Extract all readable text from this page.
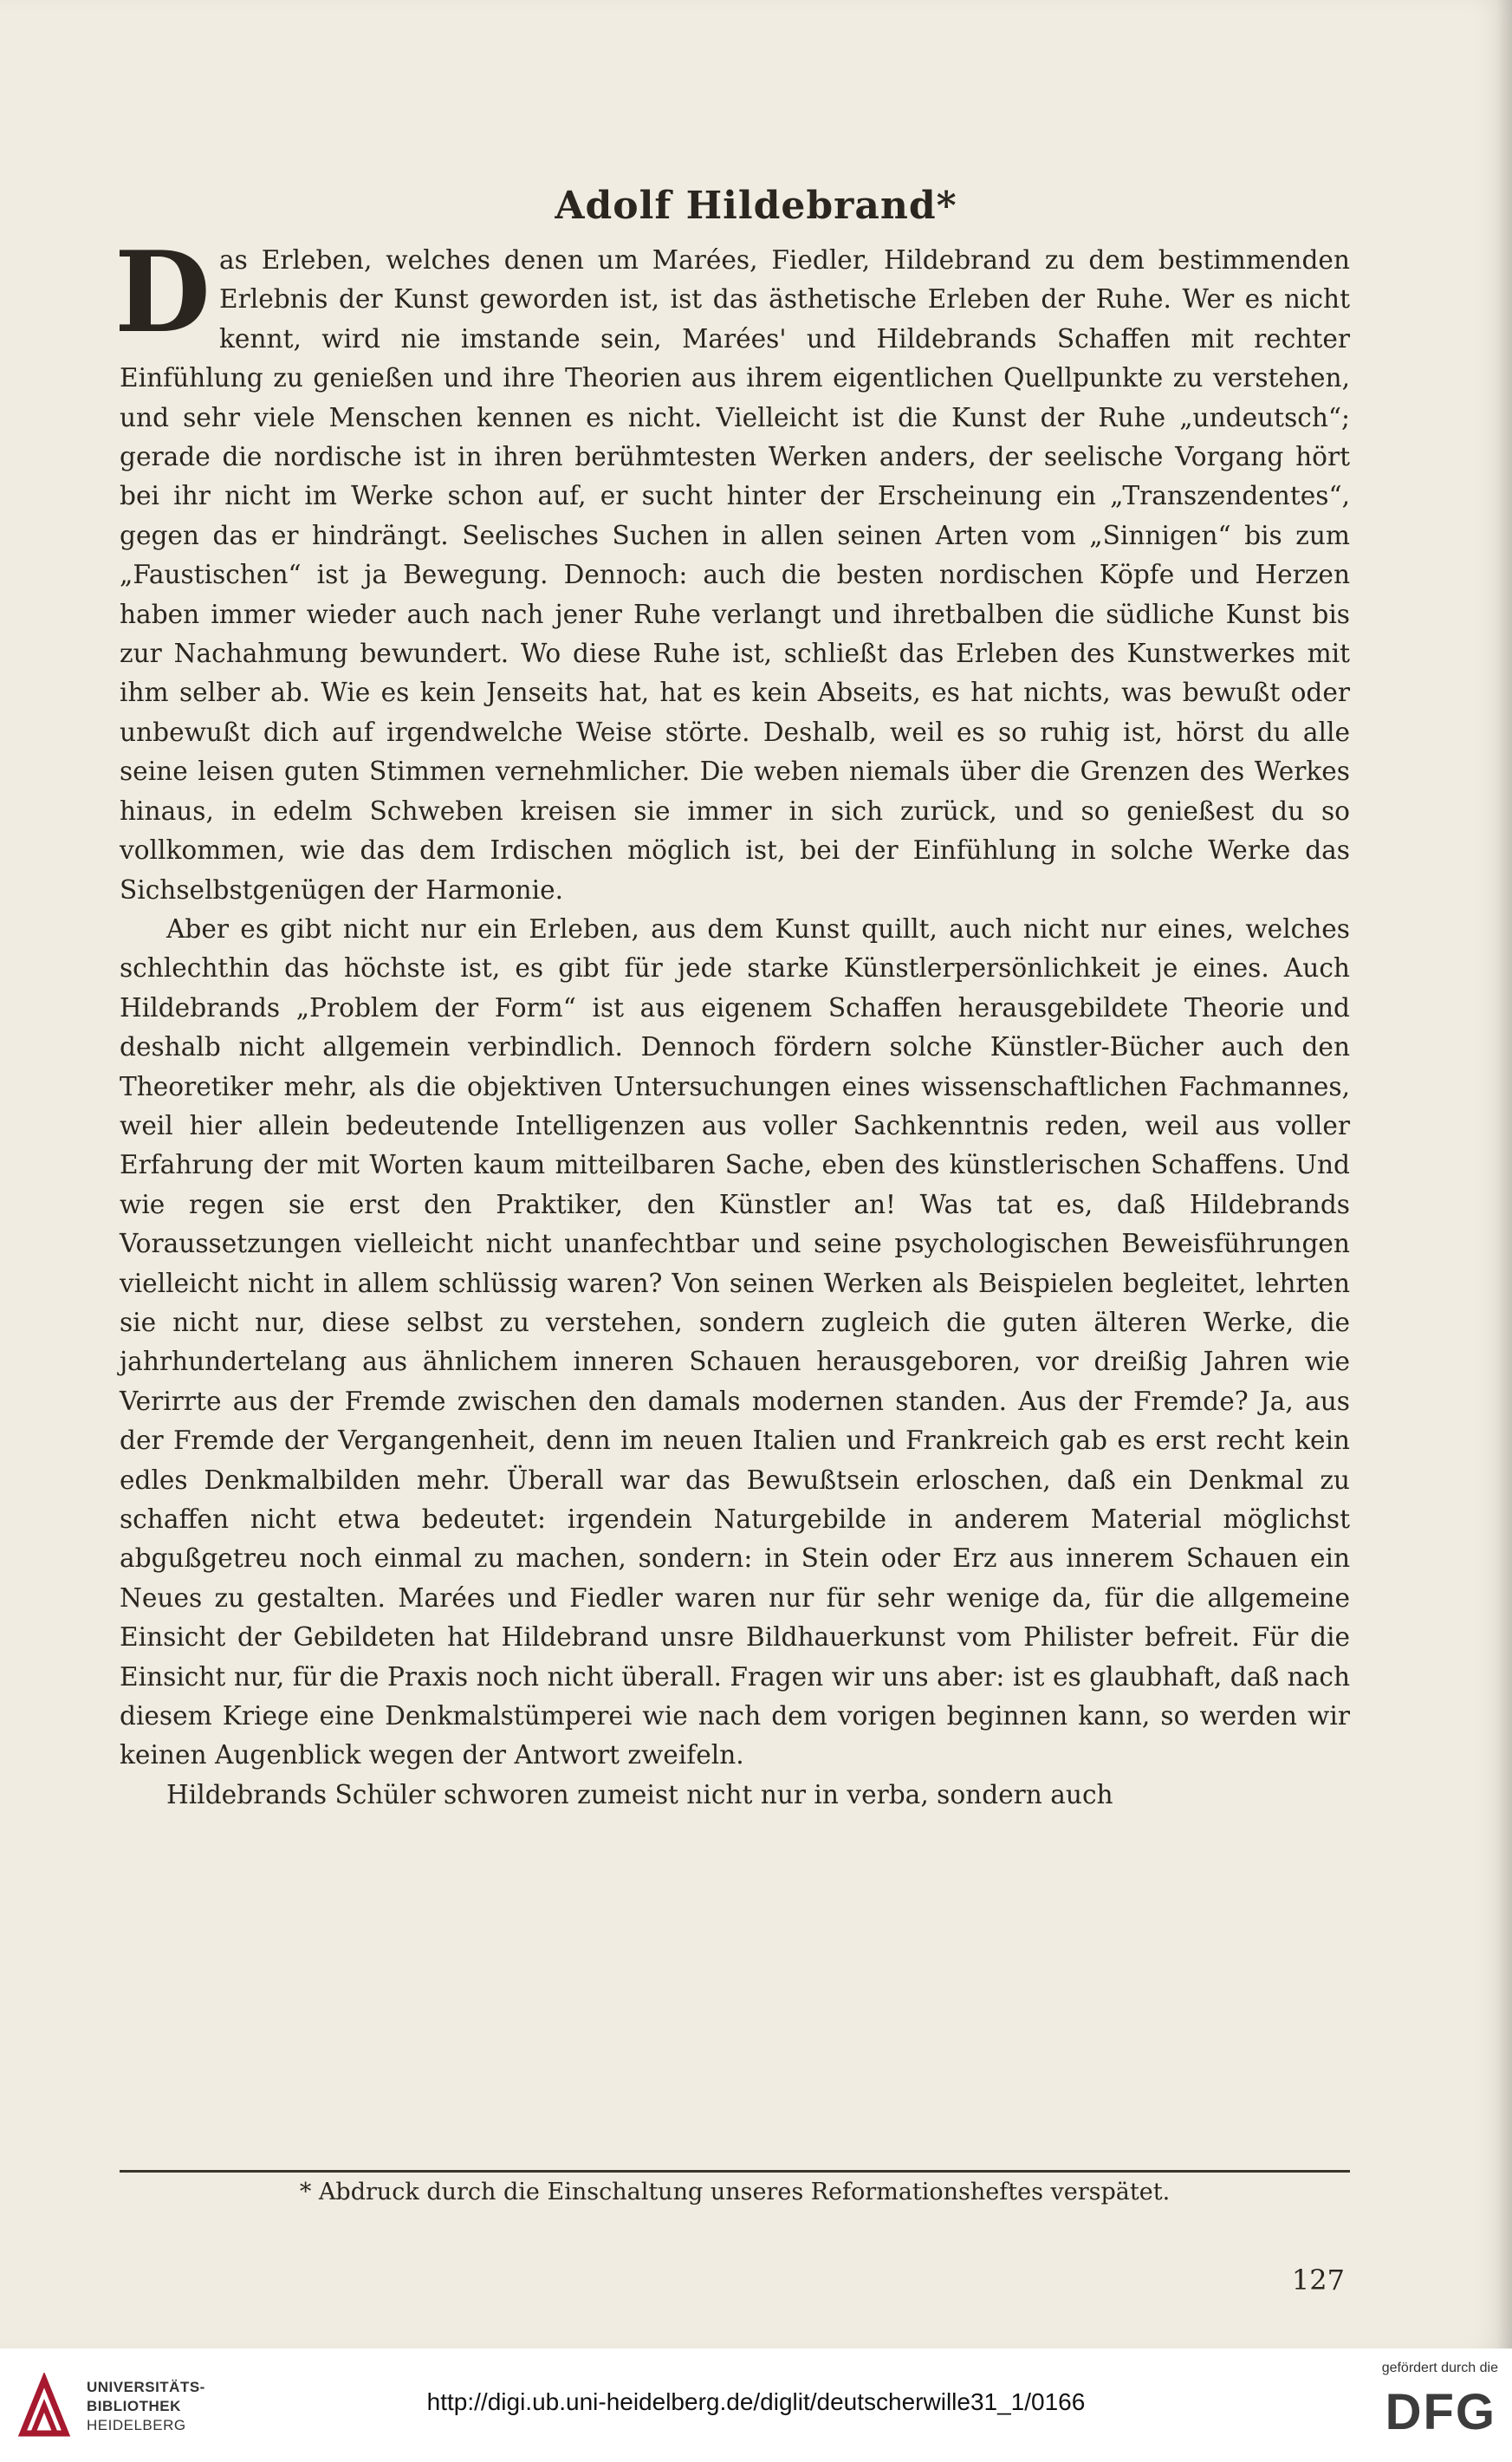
Adolf Hildebrand*

Das Erleben, welches denen um Marées, Fiedler, Hildebrand zu dem bestimmenden Erlebnis der Kunst geworden ist, ist das ästhetische Erleben der Ruhe. Wer es nicht kennt, wird nie imstande sein, Marées' und Hildebrands Schaffen mit rechter Einfühlung zu genießen und ihre Theorien aus ihrem eigentlichen Quellpunkte zu verstehen, und sehr viele Menschen kennen es nicht. Vielleicht ist die Kunst der Ruhe „undeutsch“; gerade die nordische ist in ihren berühmtesten Werken anders, der seelische Vorgang hört bei ihr nicht im Werke schon auf, er sucht hinter der Erscheinung ein „Transzendentes“, gegen das er hindrängt. Seelisches Suchen in allen seinen Arten vom „Sinnigen“ bis zum „Faustischen“ ist ja Bewegung. Dennoch: auch die besten nordischen Köpfe und Herzen haben immer wieder auch nach jener Ruhe verlangt und ihretbalben die südliche Kunst bis zur Nachahmung bewundert. Wo diese Ruhe ist, schließt das Erleben des Kunstwerkes mit ihm selber ab. Wie es kein Jenseits hat, hat es kein Abseits, es hat nichts, was bewußt oder unbewußt dich auf irgendwelche Weise störte. Deshalb, weil es so ruhig ist, hörst du alle seine leisen guten Stimmen vernehmlicher. Die weben niemals über die Grenzen des Werkes hinaus, in edelm Schweben kreisen sie immer in sich zurück, und so genießest du so vollkommen, wie das dem Irdischen möglich ist, bei der Einfühlung in solche Werke das Sichselbstgenügen der Harmonie.

Aber es gibt nicht nur ein Erleben, aus dem Kunst quillt, auch nicht nur eines, welches schlechthin das höchste ist, es gibt für jede starke Künstlerpersönlichkeit je eines. Auch Hildebrands „Problem der Form“ ist aus eigenem Schaffen herausgebildete Theorie und deshalb nicht allgemein verbindlich. Dennoch fördern solche Künstler-Bücher auch den Theoretiker mehr, als die objektiven Untersuchungen eines wissenschaftlichen Fachmannes, weil hier allein bedeutende Intelligenzen aus voller Sachkenntnis reden, weil aus voller Erfahrung der mit Worten kaum mitteilbaren Sache, eben des künstlerischen Schaffens. Und wie regen sie erst den Praktiker, den Künstler an! Was tat es, daß Hildebrands Voraussetzungen vielleicht nicht unanfechtbar und seine psychologischen Beweisführungen vielleicht nicht in allem schlüssig waren? Von seinen Werken als Beispielen begleitet, lehrten sie nicht nur, diese selbst zu verstehen, sondern zugleich die guten älteren Werke, die jahrhundertelang aus ähnlichem inneren Schauen herausgeboren, vor dreißig Jahren wie Verirrte aus der Fremde zwischen den damals modernen standen. Aus der Fremde? Ja, aus der Fremde der Vergangenheit, denn im neuen Italien und Frankreich gab es erst recht kein edles Denkmalbilden mehr. Überall war das Bewußtsein erloschen, daß ein Denkmal zu schaffen nicht etwa bedeutet: irgendein Naturgebilde in anderem Material möglichst abgußgetreu noch einmal zu machen, sondern: in Stein oder Erz aus innerem Schauen ein Neues zu gestalten. Marées und Fiedler waren nur für sehr wenige da, für die allgemeine Einsicht der Gebildeten hat Hildebrand unsre Bildhauerkunst vom Philister befreit. Für die Einsicht nur, für die Praxis noch nicht überall. Fragen wir uns aber: ist es glaubhaft, daß nach diesem Kriege eine Denkmalstümperei wie nach dem vorigen beginnen kann, so werden wir keinen Augenblick wegen der Antwort zweifeln.

Hildebrands Schüler schworen zumeist nicht nur in verba, sondern auch

* Abdruck durch die Einschaltung unseres Reformationsheftes verspätet.
127
UNIVERSITÄTS-
BIBLIOTHEK
HEIDELBERG
http://digi.ub.uni-heidelberg.de/diglit/deutscherwille31_1/0166
gefördert durch die
DFG
